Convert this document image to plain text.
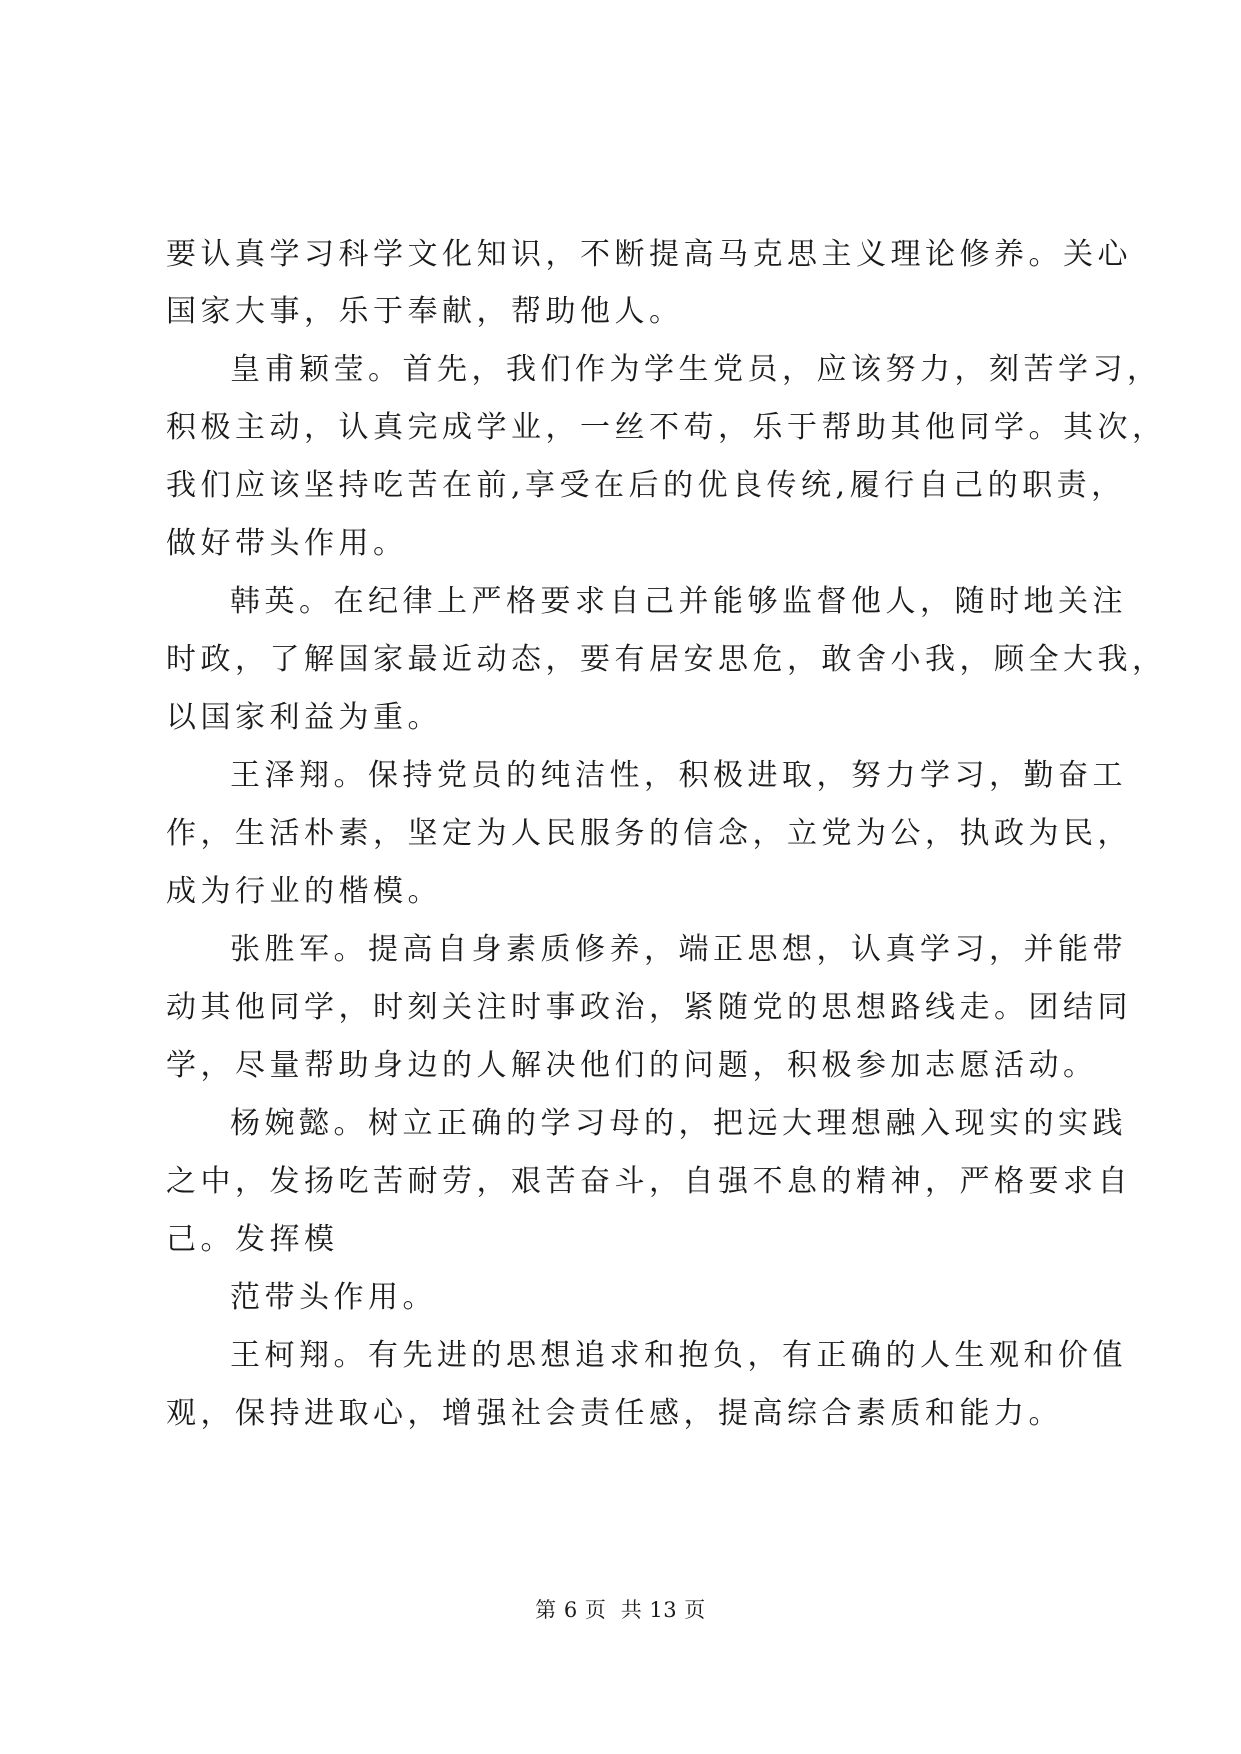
要认真学习科学文化知识，不断提高马克思主义理论修养。关心
国家大事，乐于奉献，帮助他人。
皇甫颖莹。首先，我们作为学生党员，应该努力，刻苦学习，
积极主动，认真完成学业，一丝不苟，乐于帮助其他同学。其次，
我们应该坚持吃苦在前,享受在后的优良传统,履行自己的职责，
做好带头作用。
韩英。在纪律上严格要求自己并能够监督他人，随时地关注
时政，了解国家最近动态，要有居安思危，敢舍小我，顾全大我，
以国家利益为重。
王泽翔。保持党员的纯洁性，积极进取，努力学习，勤奋工
作，生活朴素，坚定为人民服务的信念，立党为公，执政为民，
成为行业的楷模。
张胜军。提高自身素质修养，端正思想，认真学习，并能带
动其他同学，时刻关注时事政治，紧随党的思想路线走。团结同
学，尽量帮助身边的人解决他们的问题，积极参加志愿活动。
杨婉懿。树立正确的学习母的，把远大理想融入现实的实践
之中，发扬吃苦耐劳，艰苦奋斗，自强不息的精神，严格要求自
己。发挥模
范带头作用。
王柯翔。有先进的思想追求和抱负，有正确的人生观和价值
观，保持进取心，增强社会责任感，提高综合素质和能力。
第 6 页  共 13 页
